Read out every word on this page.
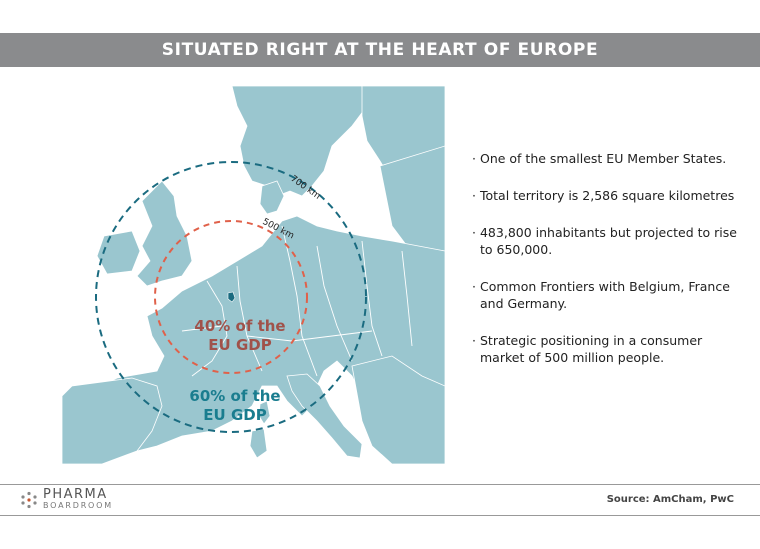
SITUATED RIGHT AT THE HEART OF EUROPE
700 km
500 km
40% of the
EU GDP
60% of the
EU GDP
· One of the smallest EU Member States.
· Total territory is 2,586 square kilometres
· 483,800 inhabitants but projected to rise to 650,000.
· Common Frontiers with Belgium, France and Germany.
· Strategic positioning in a consumer market of 500 million people.
PHARMA
BOARDROOM
Source: AmCham, PwC
